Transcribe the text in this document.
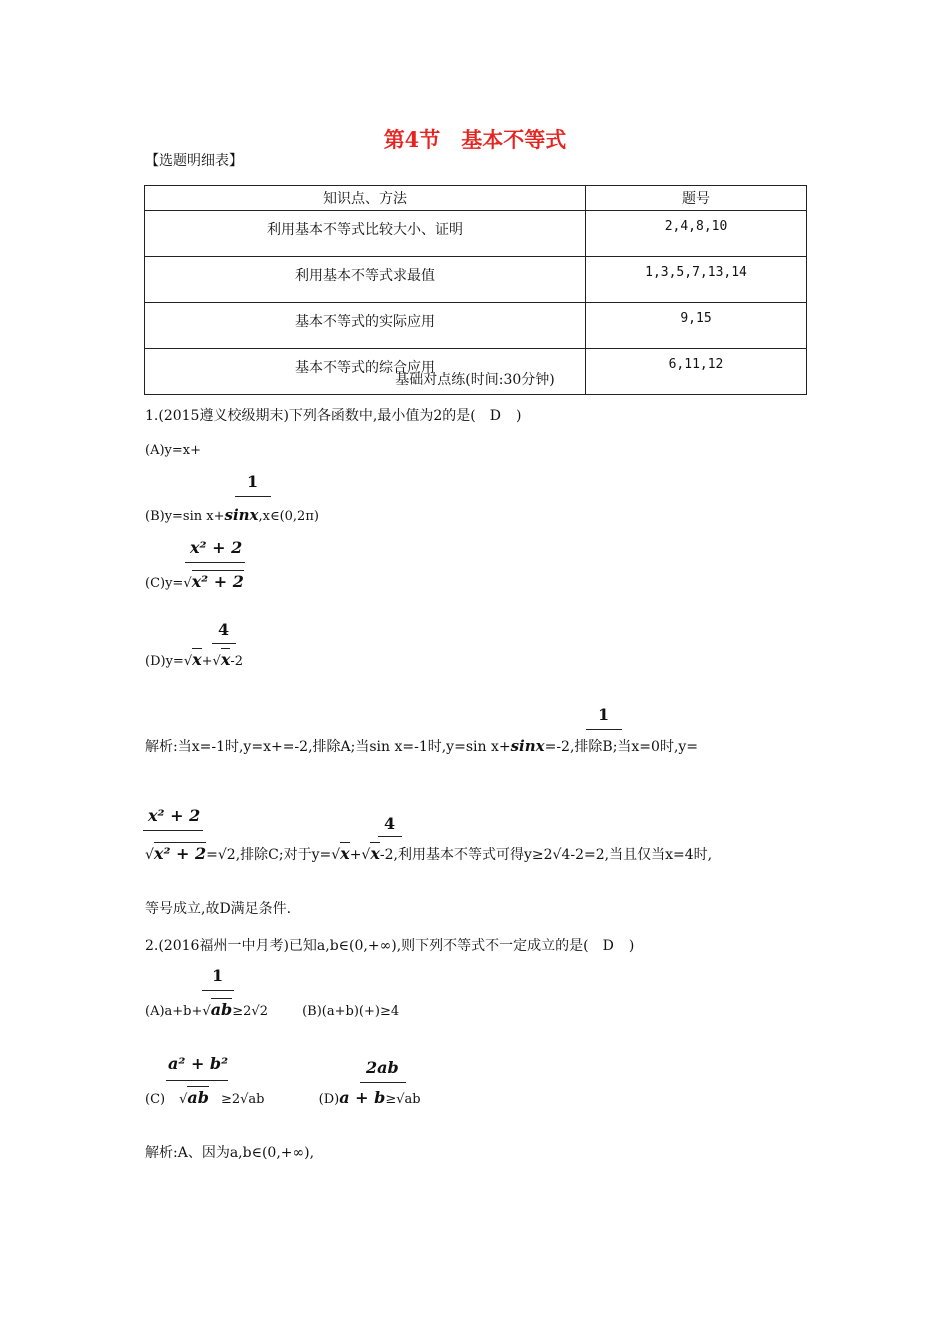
第4节　基本不等式
【选题明细表】
知识点、方法	题号
利用基本不等式比较大小、证明	2,4,8,10
利用基本不等式求最值	1,3,5,7,13,14
基本不等式的实际应用	9,15
基本不等式的综合应用	6,11,12
基础对点练(时间:30分钟)
1.(2015遵义校级期末)下列各函数中,最小值为2的是( D )
(A)y=x+
1
(B)y=sin x+sinx,x∈(0,2π)
x² + 2
(C)y=√x² + 2
4
(D)y=√x+√x-2
1
解析:当x=-1时,y=x+=-2,排除A;当sin x=-1时,y=sin x+sinx=-2,排除B;当x=0时,y=
x² + 2	4
√x² + 2=√2,排除C;对于y=√x+√x-2,利用基本不等式可得y≥2√4-2=2,当且仅当x=4时,
等号成立,故D满足条件.
2.(2016福州一中月考)已知a,b∈(0,+∞),则下列不等式不一定成立的是( D )
1
(A)a+b+√ab≥2√2	(B)(a+b)(+)≥4
a² + b²	2ab
(C) √ab ≥2√ab	(D)a + b≥√ab
解析:A、因为a,b∈(0,+∞),
